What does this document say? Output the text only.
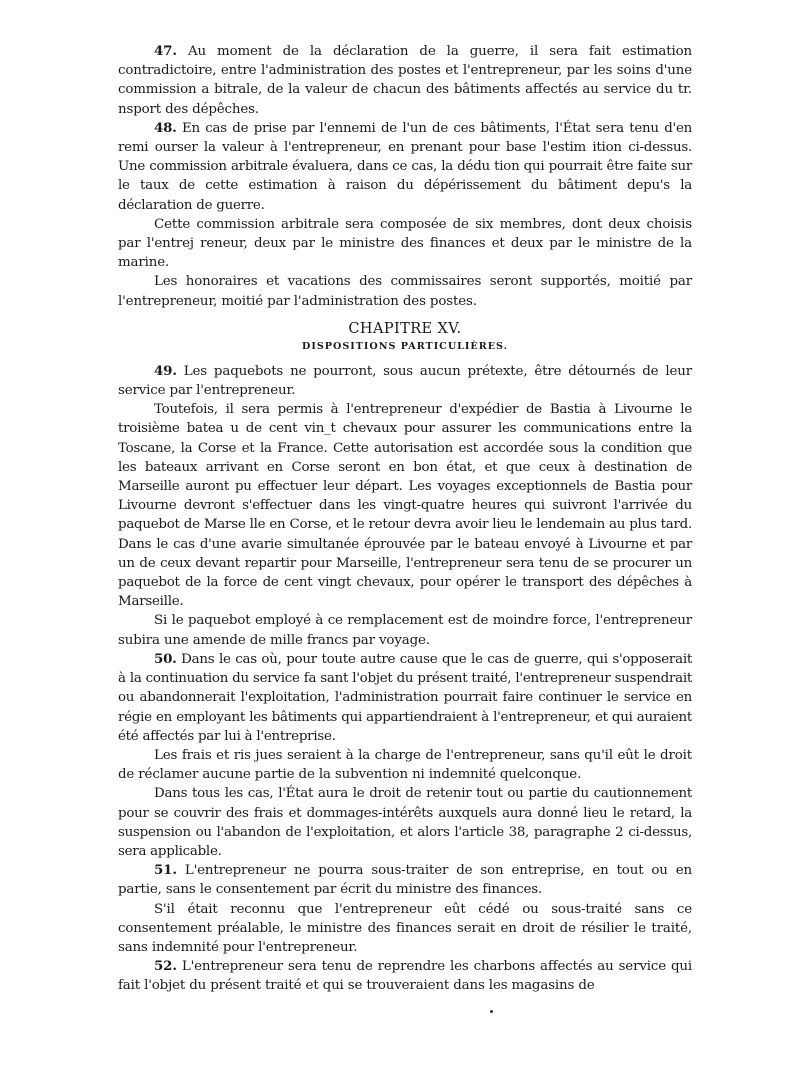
47. Au moment de la déclaration de la guerre, il sera fait estimation contradictoire, entre l'administration des postes et l'entrepreneur, par les soins d'une commission a bitrale, de la valeur de chacun des bâtiments affectés au service du tr. nsport des dépêches.

48. En cas de prise par l'ennemi de l'un de ces bâtiments, l'État sera tenu d'en remi ourser la valeur à l'entrepreneur, en prenant pour base l'estim ition ci-dessus. Une commission arbitrale évaluera, dans ce cas, la dédu tion qui pourrait être faite sur le taux de cette estimation à raison du dépérissement du bâtiment depu's la déclaration de guerre.

Cette commission arbitrale sera composée de six membres, dont deux choisis par l'entrej reneur, deux par le ministre des finances et deux par le ministre de la marine.

Les honoraires et vacations des commissaires seront supportés, moitié par l'entrepreneur, moitié par l'administration des postes.

CHAPITRE XV.
DISPOSITIONS PARTICULIÈRES.

49. Les paquebots ne pourront, sous aucun prétexte, être détournés de leur service par l'entrepreneur.

Toutefois, il sera permis à l'entrepreneur d'expédier de Bastia à Livourne le troisième batea u de cent vin_t chevaux pour assurer les communications entre la Toscane, la Corse et la France. Cette autorisation est accordée sous la condition que les bateaux arrivant en Corse seront en bon état, et que ceux à destination de Marseille auront pu effectuer leur départ. Les voyages exceptionnels de Bastia pour Livourne devront s'effectuer dans les vingt-quatre heures qui suivront l'arrivée du paquebot de Marse lle en Corse, et le retour devra avoir lieu le lendemain au plus tard. Dans le cas d'une avarie simultanée éprouvée par le bateau envoyé à Livourne et par un de ceux devant repartir pour Marseille, l'entrepreneur sera tenu de se procurer un paquebot de la force de cent vingt chevaux, pour opérer le transport des dépêches à Marseille.

Si le paquebot employé à ce remplacement est de moindre force, l'entrepreneur subira une amende de mille francs par voyage.

50. Dans le cas où, pour toute autre cause que le cas de guerre, qui s'opposerait à la continuation du service fa sant l'objet du présent traité, l'entrepreneur suspendrait ou abandonnerait l'exploitation, l'administration pourrait faire continuer le service en régie en employant les bâtiments qui appartiendraient à l'entrepreneur, et qui auraient été affectés par lui à l'entreprise.

Les frais et ris jues seraient à la charge de l'entrepreneur, sans qu'il eût le droit de réclamer aucune partie de la subvention ni indemnité quelconque.

Dans tous les cas, l'État aura le droit de retenir tout ou partie du cautionnement pour se couvrir des frais et dommages-intérêts auxquels aura donné lieu le retard, la suspension ou l'abandon de l'exploitation, et alors l'article 38, paragraphe 2 ci-dessus, sera applicable.

51. L'entrepreneur ne pourra sous-traiter de son entreprise, en tout ou en partie, sans le consentement par écrit du ministre des finances.

S'il était reconnu que l'entrepreneur eût cédé ou sous-traité sans ce consentement préalable, le ministre des finances serait en droit de résilier le traité, sans indemnité pour l'entrepreneur.

52. L'entrepreneur sera tenu de reprendre les charbons affectés au service qui fait l'objet du présent traité et qui se trouveraient dans les magasins de
